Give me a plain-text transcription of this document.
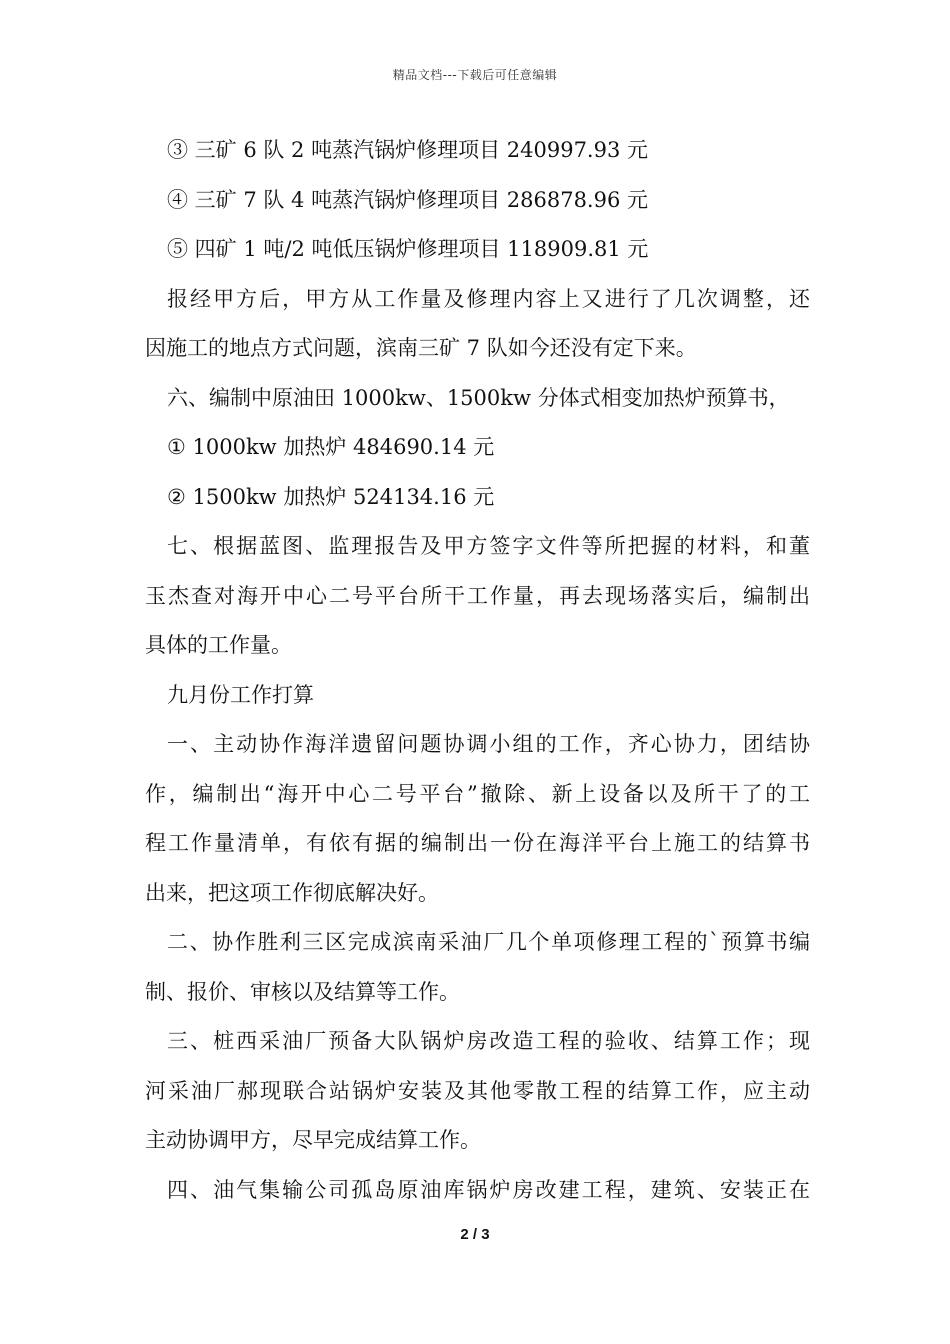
精品文档---下载后可任意编辑
③ 三矿 6 队 2 吨蒸汽锅炉修理项目 240997.93 元
④ 三矿 7 队 4 吨蒸汽锅炉修理项目 286878.96 元
⑤ 四矿 1 吨/2 吨低压锅炉修理项目 118909.81 元
报经甲方后，甲方从工作量及修理内容上又进行了几次调整，还
因施工的地点方式问题，滨南三矿 7 队如今还没有定下来。
六、编制中原油田 1000kw、1500kw 分体式相变加热炉预算书，
① 1000kw 加热炉 484690.14 元
② 1500kw 加热炉 524134.16 元
七、根据蓝图、监理报告及甲方签字文件等所把握的材料，和董
玉杰查对海开中心二号平台所干工作量，再去现场落实后，编制出
具体的工作量。
九月份工作打算
一、主动协作海洋遗留问题协调小组的工作，齐心协力，团结协
作，编制出“海开中心二号平台”撤除、新上设备以及所干了的工
程工作量清单，有依有据的编制出一份在海洋平台上施工的结算书
出来，把这项工作彻底解决好。
二、协作胜利三区完成滨南采油厂几个单项修理工程的`预算书编
制、报价、审核以及结算等工作。
三、桩西采油厂预备大队锅炉房改造工程的验收、结算工作；现
河采油厂郝现联合站锅炉安装及其他零散工程的结算工作，应主动
主动协调甲方，尽早完成结算工作。
四、油气集输公司孤岛原油库锅炉房改建工程，建筑、安装正在
2 / 3
